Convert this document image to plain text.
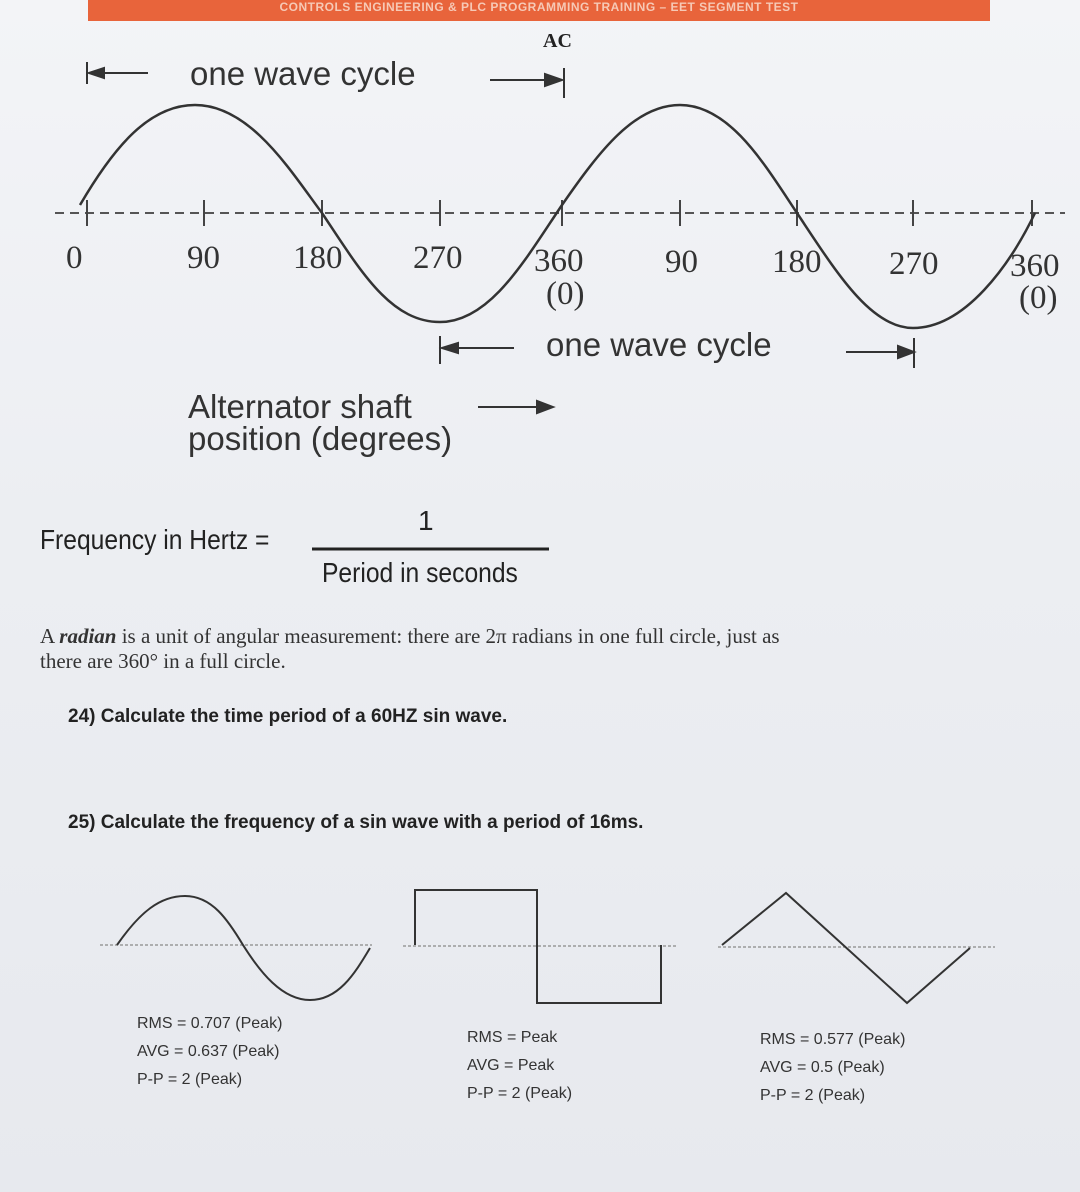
CONTROLS ENGINEERING & PLC PROGRAMMING TRAINING – EET SEGMENT TEST
AC
one wave cycle
one wave cycle
0	90 180 270 360
(0)
90 180 270 360
(0)
Alternator shaft
position (degrees)
Frequency in Hertz =
1
Period in seconds
A radian is a unit of angular measurement: there are 2π radians in one full circle, just as
there are 360° in a full circle.
24) Calculate the time period of a 60HZ sin wave.
25) Calculate the frequency of a sin wave with a period of 16ms.
RMS = 0.707 (Peak)
AVG = 0.637 (Peak)
P-P = 2 (Peak)
RMS = Peak
AVG = Peak
P-P = 2 (Peak)
RMS = 0.577 (Peak)
AVG = 0.5 (Peak)
P-P = 2 (Peak)
